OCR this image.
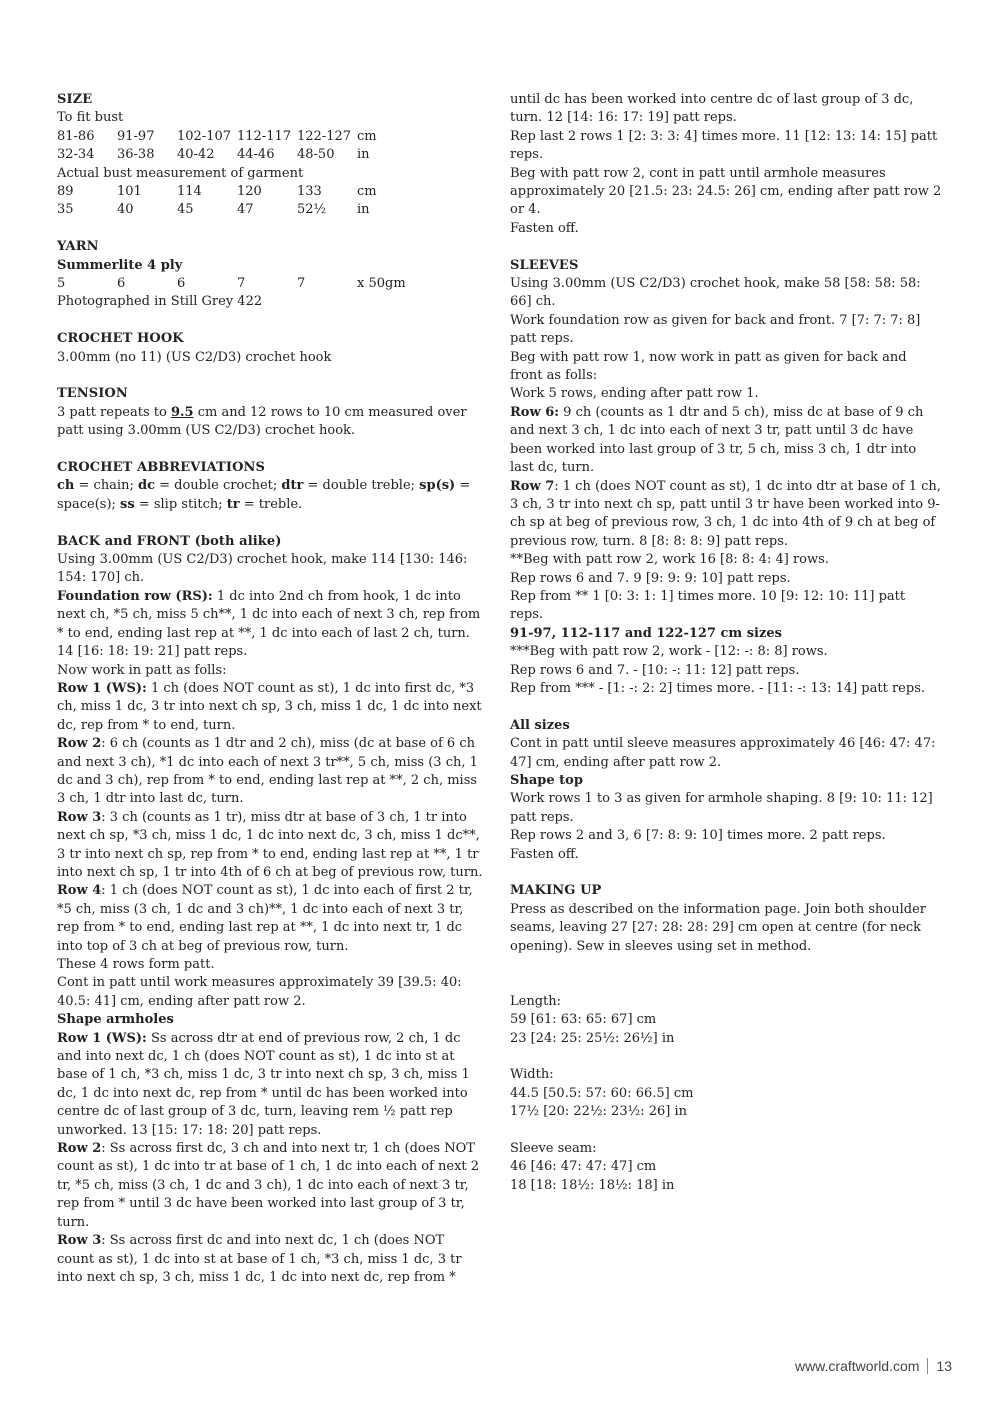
SIZE
To fit bust
81-86	91-97	102-107 112-117 122-127 cm
32-34	36-38	40-42	44-46	48-50	in
Actual bust measurement of garment
89	101	114	120	133	cm
35	40	45	47	52½	in
YARN
Summerlite 4 ply
5	6	6	7	7	x 50gm
Photographed in Still Grey 422
CROCHET HOOK
3.00mm (no 11) (US C2/D3) crochet hook
TENSION
3 patt repeats to 9.5 cm and 12 rows to 10 cm measured over patt using 3.00mm (US C2/D3) crochet hook.
CROCHET ABBREVIATIONS
ch = chain; dc = double crochet; dtr = double treble; sp(s) = space(s); ss = slip stitch; tr = treble.
BACK and FRONT (both alike)
Using 3.00mm (US C2/D3) crochet hook, make 114 [130: 146: 154: 170] ch.
Foundation row (RS): 1 dc into 2nd ch from hook, 1 dc into next ch, *5 ch, miss 5 ch**, 1 dc into each of next 3 ch, rep from * to end, ending last rep at **, 1 dc into each of last 2 ch, turn. 14 [16: 18: 19: 21] patt reps.
Now work in patt as folls:
Row 1 (WS): 1 ch (does NOT count as st), 1 dc into first dc, *3 ch, miss 1 dc, 3 tr into next ch sp, 3 ch, miss 1 dc, 1 dc into next dc, rep from * to end, turn.
Row 2: 6 ch (counts as 1 dtr and 2 ch), miss (dc at base of 6 ch and next 3 ch), *1 dc into each of next 3 tr**, 5 ch, miss (3 ch, 1 dc and 3 ch), rep from * to end, ending last rep at **, 2 ch, miss 3 ch, 1 dtr into last dc, turn.
Row 3: 3 ch (counts as 1 tr), miss dtr at base of 3 ch, 1 tr into next ch sp, *3 ch, miss 1 dc, 1 dc into next dc, 3 ch, miss 1 dc**, 3 tr into next ch sp, rep from * to end, ending last rep at **, 1 tr into next ch sp, 1 tr into 4th of 6 ch at beg of previous row, turn.
Row 4: 1 ch (does NOT count as st), 1 dc into each of first 2 tr, *5 ch, miss (3 ch, 1 dc and 3 ch)**, 1 dc into each of next 3 tr, rep from * to end, ending last rep at **, 1 dc into next tr, 1 dc into top of 3 ch at beg of previous row, turn.
These 4 rows form patt.
Cont in patt until work measures approximately 39 [39.5: 40: 40.5: 41] cm, ending after patt row 2.
Shape armholes
Row 1 (WS): Ss across dtr at end of previous row, 2 ch, 1 dc and into next dc, 1 ch (does NOT count as st), 1 dc into st at base of 1 ch, *3 ch, miss 1 dc, 3 tr into next ch sp, 3 ch, miss 1 dc, 1 dc into next dc, rep from * until dc has been worked into centre dc of last group of 3 dc, turn, leaving rem ½ patt rep unworked. 13 [15: 17: 18: 20] patt reps.
Row 2: Ss across first dc, 3 ch and into next tr, 1 ch (does NOT count as st), 1 dc into tr at base of 1 ch, 1 dc into each of next 2 tr, *5 ch, miss (3 ch, 1 dc and 3 ch), 1 dc into each of next 3 tr, rep from * until 3 dc have been worked into last group of 3 tr, turn.
Row 3: Ss across first dc and into next dc, 1 ch (does NOT count as st), 1 dc into st at base of 1 ch, *3 ch, miss 1 dc, 3 tr into next ch sp, 3 ch, miss 1 dc, 1 dc into next dc, rep from *
until dc has been worked into centre dc of last group of 3 dc, turn. 12 [14: 16: 17: 19] patt reps.
Rep last 2 rows 1 [2: 3: 3: 4] times more. 11 [12: 13: 14: 15] patt reps.
Beg with patt row 2, cont in patt until armhole measures approximately 20 [21.5: 23: 24.5: 26] cm, ending after patt row 2 or 4.
Fasten off.
SLEEVES
Using 3.00mm (US C2/D3) crochet hook, make 58 [58: 58: 58: 66] ch.
Work foundation row as given for back and front. 7 [7: 7: 7: 8] patt reps.
Beg with patt row 1, now work in patt as given for back and front as folls:
Work 5 rows, ending after patt row 1.
Row 6: 9 ch (counts as 1 dtr and 5 ch), miss dc at base of 9 ch and next 3 ch, 1 dc into each of next 3 tr, patt until 3 dc have been worked into last group of 3 tr, 5 ch, miss 3 ch, 1 dtr into last dc, turn.
Row 7: 1 ch (does NOT count as st), 1 dc into dtr at base of 1 ch, 3 ch, 3 tr into next ch sp, patt until 3 tr have been worked into 9-ch sp at beg of previous row, 3 ch, 1 dc into 4th of 9 ch at beg of previous row, turn. 8 [8: 8: 8: 9] patt reps.
**Beg with patt row 2, work 16 [8: 8: 4: 4] rows.
Rep rows 6 and 7. 9 [9: 9: 9: 10] patt reps.
Rep from ** 1 [0: 3: 1: 1] times more. 10 [9: 12: 10: 11] patt reps.
91-97, 112-117 and 122-127 cm sizes
***Beg with patt row 2, work - [12: -: 8: 8] rows.
Rep rows 6 and 7. - [10: -: 11: 12] patt reps.
Rep from *** - [1: -: 2: 2] times more. - [11: -: 13: 14] patt reps.
All sizes
Cont in patt until sleeve measures approximately 46 [46: 47: 47: 47] cm, ending after patt row 2.
Shape top
Work rows 1 to 3 as given for armhole shaping. 8 [9: 10: 11: 12] patt reps.
Rep rows 2 and 3, 6 [7: 8: 9: 10] times more. 2 patt reps.
Fasten off.
MAKING UP
Press as described on the information page. Join both shoulder seams, leaving 27 [27: 28: 28: 29] cm open at centre (for neck opening). Sew in sleeves using set in method.
Length:
59 [61: 63: 65: 67] cm
23 [24: 25: 25½: 26½] in
Width:
44.5 [50.5: 57: 60: 66.5] cm
17½ [20: 22½: 23½: 26] in
Sleeve seam:
46 [46: 47: 47: 47] cm
18 [18: 18½: 18½: 18] in
www.craftworld.com 13
